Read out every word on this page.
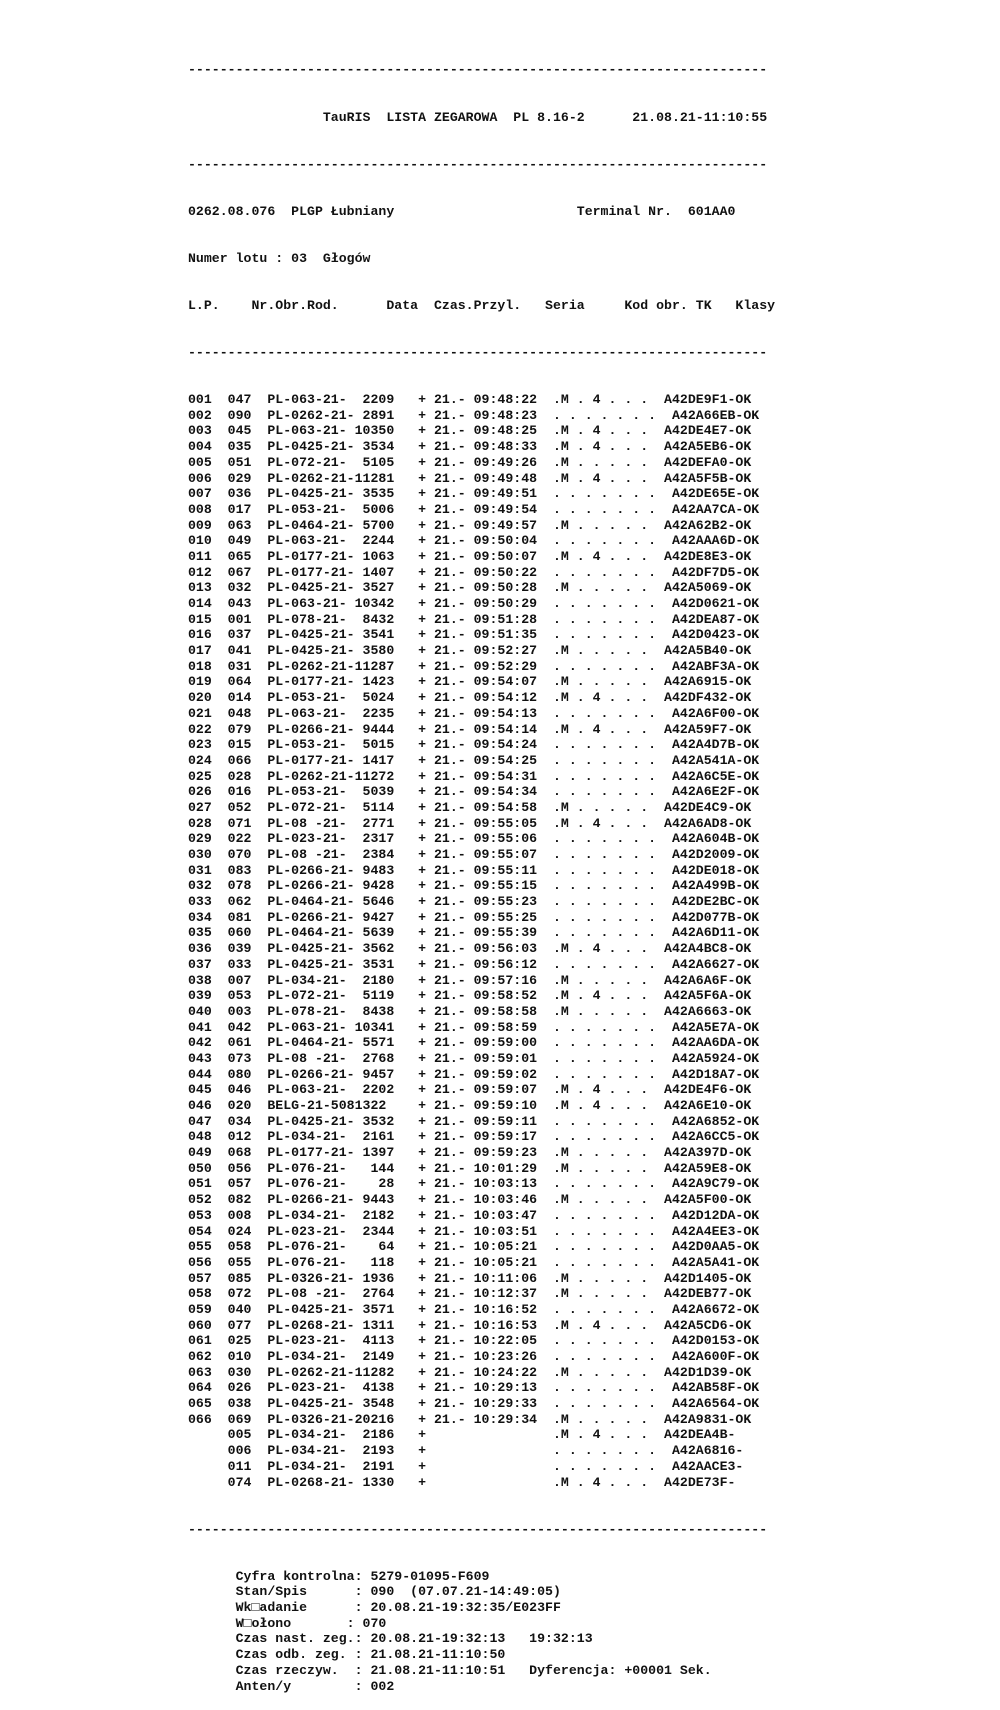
-------------------------------------------------------------------------

TauRIS  LISTA ZEGAROWA  PL 8.16-2      21.08.21-11:10:55

-------------------------------------------------------------------------

0262.08.076  PLGP Łubniany                       Terminal Nr.  601AA0

Numer lotu : 03  Głogów

L.P.    Nr.Obr.Rod.      Data  Czas.Przyl.   Seria     Kod obr. TK   Klasy

-------------------------------------------------------------------------

001  047  PL-063-21-  2209   + 21.- 09:48:22  .M . 4 . . .  A42DE9F1-OK
002  090  PL-0262-21- 2891   + 21.- 09:48:23  . . . . . . .  A42A66EB-OK
003  045  PL-063-21- 10350   + 21.- 09:48:25  .M . 4 . . .  A42DE4E7-OK
004  035  PL-0425-21- 3534   + 21.- 09:48:33  .M . 4 . . .  A42A5EB6-OK
005  051  PL-072-21-  5105   + 21.- 09:49:26  .M . . . . .  A42DEFA0-OK
006  029  PL-0262-21-11281   + 21.- 09:49:48  .M . 4 . . .  A42A5F5B-OK
007  036  PL-0425-21- 3535   + 21.- 09:49:51  . . . . . . .  A42DE65E-OK
008  017  PL-053-21-  5006   + 21.- 09:49:54  . . . . . . .  A42AA7CA-OK
009  063  PL-0464-21- 5700   + 21.- 09:49:57  .M . . . . .  A42A62B2-OK
010  049  PL-063-21-  2244   + 21.- 09:50:04  . . . . . . .  A42AAA6D-OK
011  065  PL-0177-21- 1063   + 21.- 09:50:07  .M . 4 . . .  A42DE8E3-OK
012  067  PL-0177-21- 1407   + 21.- 09:50:22  . . . . . . .  A42DF7D5-OK
013  032  PL-0425-21- 3527   + 21.- 09:50:28  .M . . . . .  A42A5069-OK
014  043  PL-063-21- 10342   + 21.- 09:50:29  . . . . . . .  A42D0621-OK
015  001  PL-078-21-  8432   + 21.- 09:51:28  . . . . . . .  A42DEA87-OK
016  037  PL-0425-21- 3541   + 21.- 09:51:35  . . . . . . .  A42D0423-OK
017  041  PL-0425-21- 3580   + 21.- 09:52:27  .M . . . . .  A42A5B40-OK
018  031  PL-0262-21-11287   + 21.- 09:52:29  . . . . . . .  A42ABF3A-OK
019  064  PL-0177-21- 1423   + 21.- 09:54:07  .M . . . . .  A42A6915-OK
020  014  PL-053-21-  5024   + 21.- 09:54:12  .M . 4 . . .  A42DF432-OK
021  048  PL-063-21-  2235   + 21.- 09:54:13  . . . . . . .  A42A6F00-OK
022  079  PL-0266-21- 9444   + 21.- 09:54:14  .M . 4 . . .  A42A59F7-OK
023  015  PL-053-21-  5015   + 21.- 09:54:24  . . . . . . .  A42A4D7B-OK
024  066  PL-0177-21- 1417   + 21.- 09:54:25  . . . . . . .  A42A541A-OK
025  028  PL-0262-21-11272   + 21.- 09:54:31  . . . . . . .  A42A6C5E-OK
026  016  PL-053-21-  5039   + 21.- 09:54:34  . . . . . . .  A42A6E2F-OK
027  052  PL-072-21-  5114   + 21.- 09:54:58  .M . . . . .  A42DE4C9-OK
028  071  PL-08 -21-  2771   + 21.- 09:55:05  .M . 4 . . .  A42A6AD8-OK
029  022  PL-023-21-  2317   + 21.- 09:55:06  . . . . . . .  A42A604B-OK
030  070  PL-08 -21-  2384   + 21.- 09:55:07  . . . . . . .  A42D2009-OK
031  083  PL-0266-21- 9483   + 21.- 09:55:11  . . . . . . .  A42DE018-OK
032  078  PL-0266-21- 9428   + 21.- 09:55:15  . . . . . . .  A42A499B-OK
033  062  PL-0464-21- 5646   + 21.- 09:55:23  . . . . . . .  A42DE2BC-OK
034  081  PL-0266-21- 9427   + 21.- 09:55:25  . . . . . . .  A42D077B-OK
035  060  PL-0464-21- 5639   + 21.- 09:55:39  . . . . . . .  A42A6D11-OK
036  039  PL-0425-21- 3562   + 21.- 09:56:03  .M . 4 . . .  A42A4BC8-OK
037  033  PL-0425-21- 3531   + 21.- 09:56:12  . . . . . . .  A42A6627-OK
038  007  PL-034-21-  2180   + 21.- 09:57:16  .M . . . . .  A42A6A6F-OK
039  053  PL-072-21-  5119   + 21.- 09:58:52  .M . 4 . . .  A42A5F6A-OK
040  003  PL-078-21-  8438   + 21.- 09:58:58  .M . . . . .  A42A6663-OK
041  042  PL-063-21- 10341   + 21.- 09:58:59  . . . . . . .  A42A5E7A-OK
042  061  PL-0464-21- 5571   + 21.- 09:59:00  . . . . . . .  A42AA6DA-OK
043  073  PL-08 -21-  2768   + 21.- 09:59:01  . . . . . . .  A42A5924-OK
044  080  PL-0266-21- 9457   + 21.- 09:59:02  . . . . . . .  A42D18A7-OK
045  046  PL-063-21-  2202   + 21.- 09:59:07  .M . 4 . . .  A42DE4F6-OK
046  020  BELG-21-5081322    + 21.- 09:59:10  .M . 4 . . .  A42A6E10-OK
047  034  PL-0425-21- 3532   + 21.- 09:59:11  . . . . . . .  A42A6852-OK
048  012  PL-034-21-  2161   + 21.- 09:59:17  . . . . . . .  A42A6CC5-OK
049  068  PL-0177-21- 1397   + 21.- 09:59:23  .M . . . . .  A42A397D-OK
050  056  PL-076-21-   144   + 21.- 10:01:29  .M . . . . .  A42A59E8-OK
051  057  PL-076-21-    28   + 21.- 10:03:13  . . . . . . .  A42A9C79-OK
052  082  PL-0266-21- 9443   + 21.- 10:03:46  .M . . . . .  A42A5F00-OK
053  008  PL-034-21-  2182   + 21.- 10:03:47  . . . . . . .  A42D12DA-OK
054  024  PL-023-21-  2344   + 21.- 10:03:51  . . . . . . .  A42A4EE3-OK
055  058  PL-076-21-    64   + 21.- 10:05:21  . . . . . . .  A42D0AA5-OK
056  055  PL-076-21-   118   + 21.- 10:05:21  . . . . . . .  A42A5A41-OK
057  085  PL-0326-21- 1936   + 21.- 10:11:06  .M . . . . .  A42D1405-OK
058  072  PL-08 -21-  2764   + 21.- 10:12:37  .M . . . . .  A42DEB77-OK
059  040  PL-0425-21- 3571   + 21.- 10:16:52  . . . . . . .  A42A6672-OK
060  077  PL-0268-21- 1311   + 21.- 10:16:53  .M . 4 . . .  A42A5CD6-OK
061  025  PL-023-21-  4113   + 21.- 10:22:05  . . . . . . .  A42D0153-OK
062  010  PL-034-21-  2149   + 21.- 10:23:26  . . . . . . .  A42A600F-OK
063  030  PL-0262-21-11282   + 21.- 10:24:22  .M . . . . .  A42D1D39-OK
064  026  PL-023-21-  4138   + 21.- 10:29:13  . . . . . . .  A42AB58F-OK
065  038  PL-0425-21- 3548   + 21.- 10:29:33  . . . . . . .  A42A6564-OK
066  069  PL-0326-21-20216   + 21.- 10:29:34  .M . . . . .  A42A9831-OK
005  PL-034-21-  2186   +                .M . 4 . . .  A42DEA4B-
006  PL-034-21-  2193   +                . . . . . . .  A42A6816-
011  PL-034-21-  2191   +                . . . . . . .  A42AACE3-
074  PL-0268-21- 1330   +                .M . 4 . . .  A42DE73F-

-------------------------------------------------------------------------

Cyfra kontrolna: 5279-01095-F609
Stan/Spis      : 090  (07.07.21-14:49:05)
Wk□adanie      : 20.08.21-19:32:35/E023FF
W□ołono       : 070
Czas nast. zeg.: 20.08.21-19:32:13   19:32:13
Czas odb. zeg. : 21.08.21-11:10:50
Czas rzeczyw.  : 21.08.21-11:10:51   Dyferencja: +00001 Sek.
Anten/y        : 002
